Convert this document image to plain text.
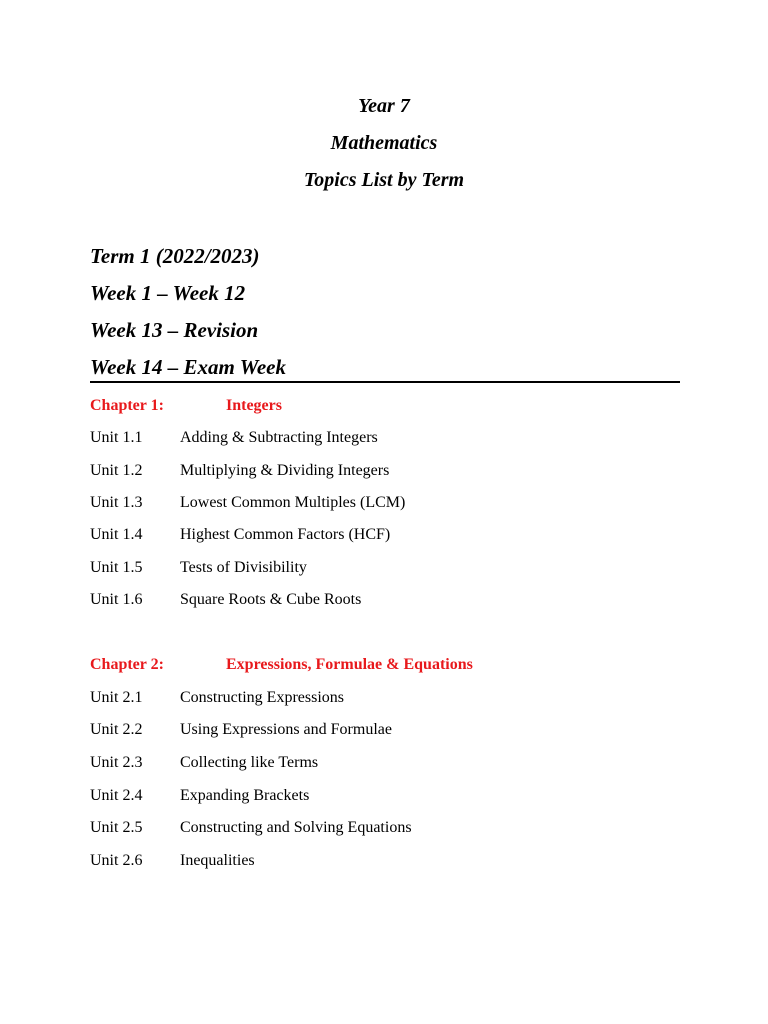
Year 7
Mathematics
Topics List by Term
Term 1 (2022/2023)
Week 1 – Week 12
Week 13 – Revision
Week 14 – Exam Week
Chapter 1:	Integers
Unit 1.1 Adding & Subtracting Integers
Unit 1.2 Multiplying & Dividing Integers
Unit 1.3 Lowest Common Multiples (LCM)
Unit 1.4 Highest Common Factors (HCF)
Unit 1.5 Tests of Divisibility
Unit 1.6 Square Roots & Cube Roots
Chapter 2:	Expressions, Formulae & Equations
Unit 2.1 Constructing Expressions
Unit 2.2 Using Expressions and Formulae
Unit 2.3 Collecting like Terms
Unit 2.4 Expanding Brackets
Unit 2.5 Constructing and Solving Equations
Unit 2.6 Inequalities
